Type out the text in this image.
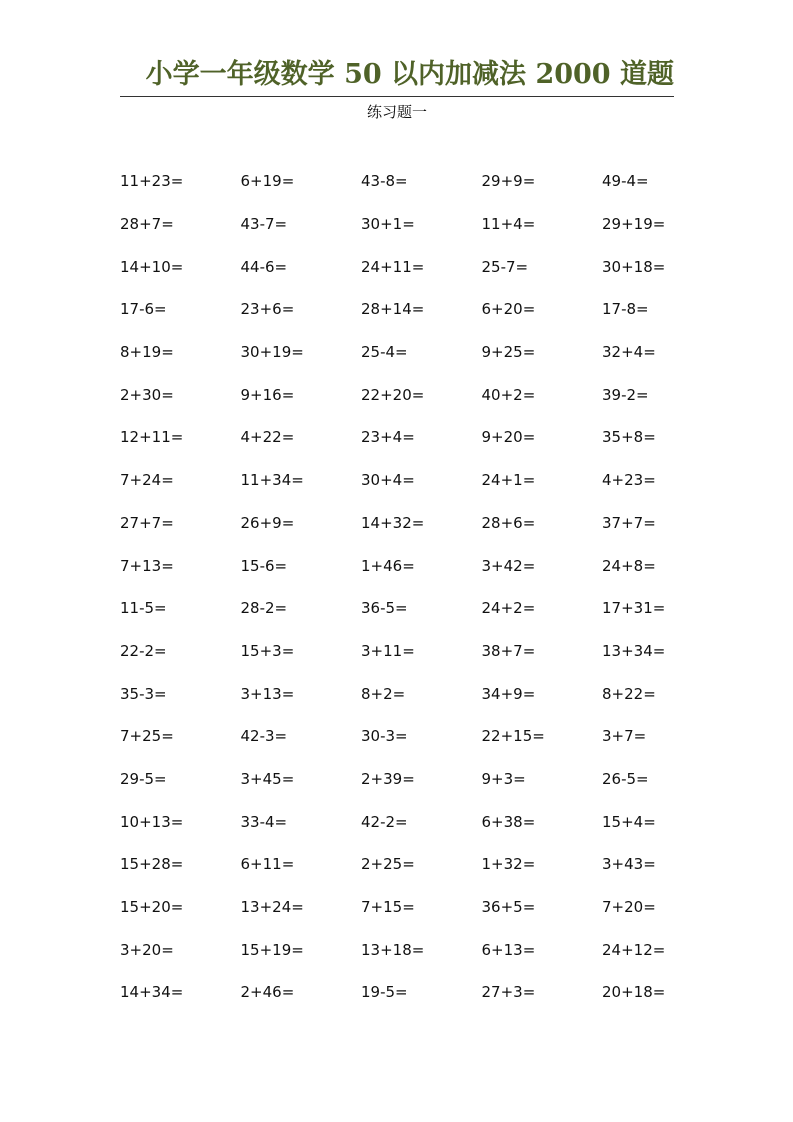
小学一年级数学 50 以内加减法 2000 道题
练习题一
11+23=	6+19=	43-8=	29+9=	49-4=
28+7=	43-7=	30+1=	11+4=	29+19=
14+10=	44-6=	24+11=	25-7=	30+18=
17-6=	23+6=	28+14=	6+20=	17-8=
8+19=	30+19=	25-4=	9+25=	32+4=
2+30=	9+16=	22+20=	40+2=	39-2=
12+11=	4+22=	23+4=	9+20=	35+8=
7+24=	11+34=	30+4=	24+1=	4+23=
27+7=	26+9=	14+32=	28+6=	37+7=
7+13=	15-6=	1+46=	3+42=	24+8=
11-5=	28-2=	36-5=	24+2=	17+31=
22-2=	15+3=	3+11=	38+7=	13+34=
35-3=	3+13=	8+2=	34+9=	8+22=
7+25=	42-3=	30-3=	22+15=	3+7=
29-5=	3+45=	2+39=	9+3=	26-5=
10+13=	33-4=	42-2=	6+38=	15+4=
15+28=	6+11=	2+25=	1+32=	3+43=
15+20=	13+24=	7+15=	36+5=	7+20=
3+20=	15+19=	13+18=	6+13=	24+12=
14+34=	2+46=	19-5=	27+3=	20+18=
